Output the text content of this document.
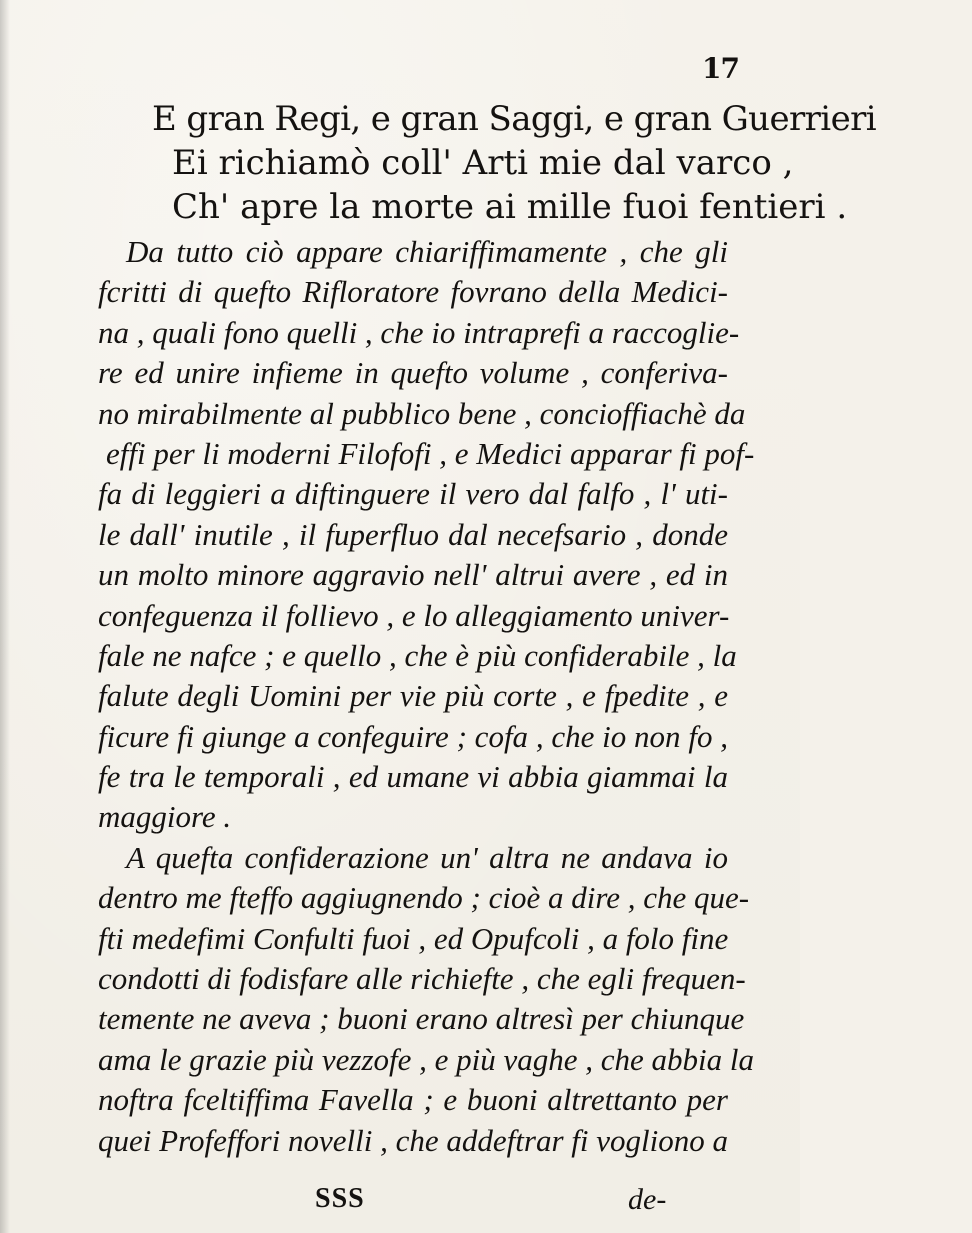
17
E gran Regi, e gran Saggi, e gran Guerrieri
Ei richiamò coll' Arti mie dal varco ,
Ch' apre la morte ai mille fuoi fentieri .
Da tutto ciò appare chiariffimamente , che gli
fcritti di quefto Rifloratore fovrano della Medici-
na , quali fono quelli , che io intraprefi a raccoglie-
re ed unire infieme in quefto volume , conferiva-
no mirabilmente al pubblico bene , concioffiachè da
effi per li moderni Filofofi , e Medici apparar fi pof-
fa di leggieri a diftinguere il vero dal falfo , l' uti-
le dall' inutile , il fuperfluo dal necefsario , donde
un molto minore aggravio nell' altrui avere , ed in
confeguenza il follievo , e lo alleggiamento univer-
fale ne nafce ; e quello , che è più confiderabile , la
falute degli Uomini per vie più corte , e fpedite , e
ficure fi giunge a confeguire ; cofa , che io non fo ,
fe tra le temporali , ed umane vi abbia giammai la
maggiore .
A quefta confiderazione un' altra ne andava io
dentro me fteffo aggiugnendo ; cioè a dire , che que-
fti medefimi Confulti fuoi , ed Opufcoli , a folo fine
condotti di fodisfare alle richiefte , che egli frequen-
temente ne aveva ; buoni erano altresì per chiunque
ama le grazie più vezzofe , e più vaghe , che abbia la
noftra fceltiffima Favella ; e buoni altrettanto per
quei Profeffori novelli , che addeftrar fi vogliono a
SSS	de-
